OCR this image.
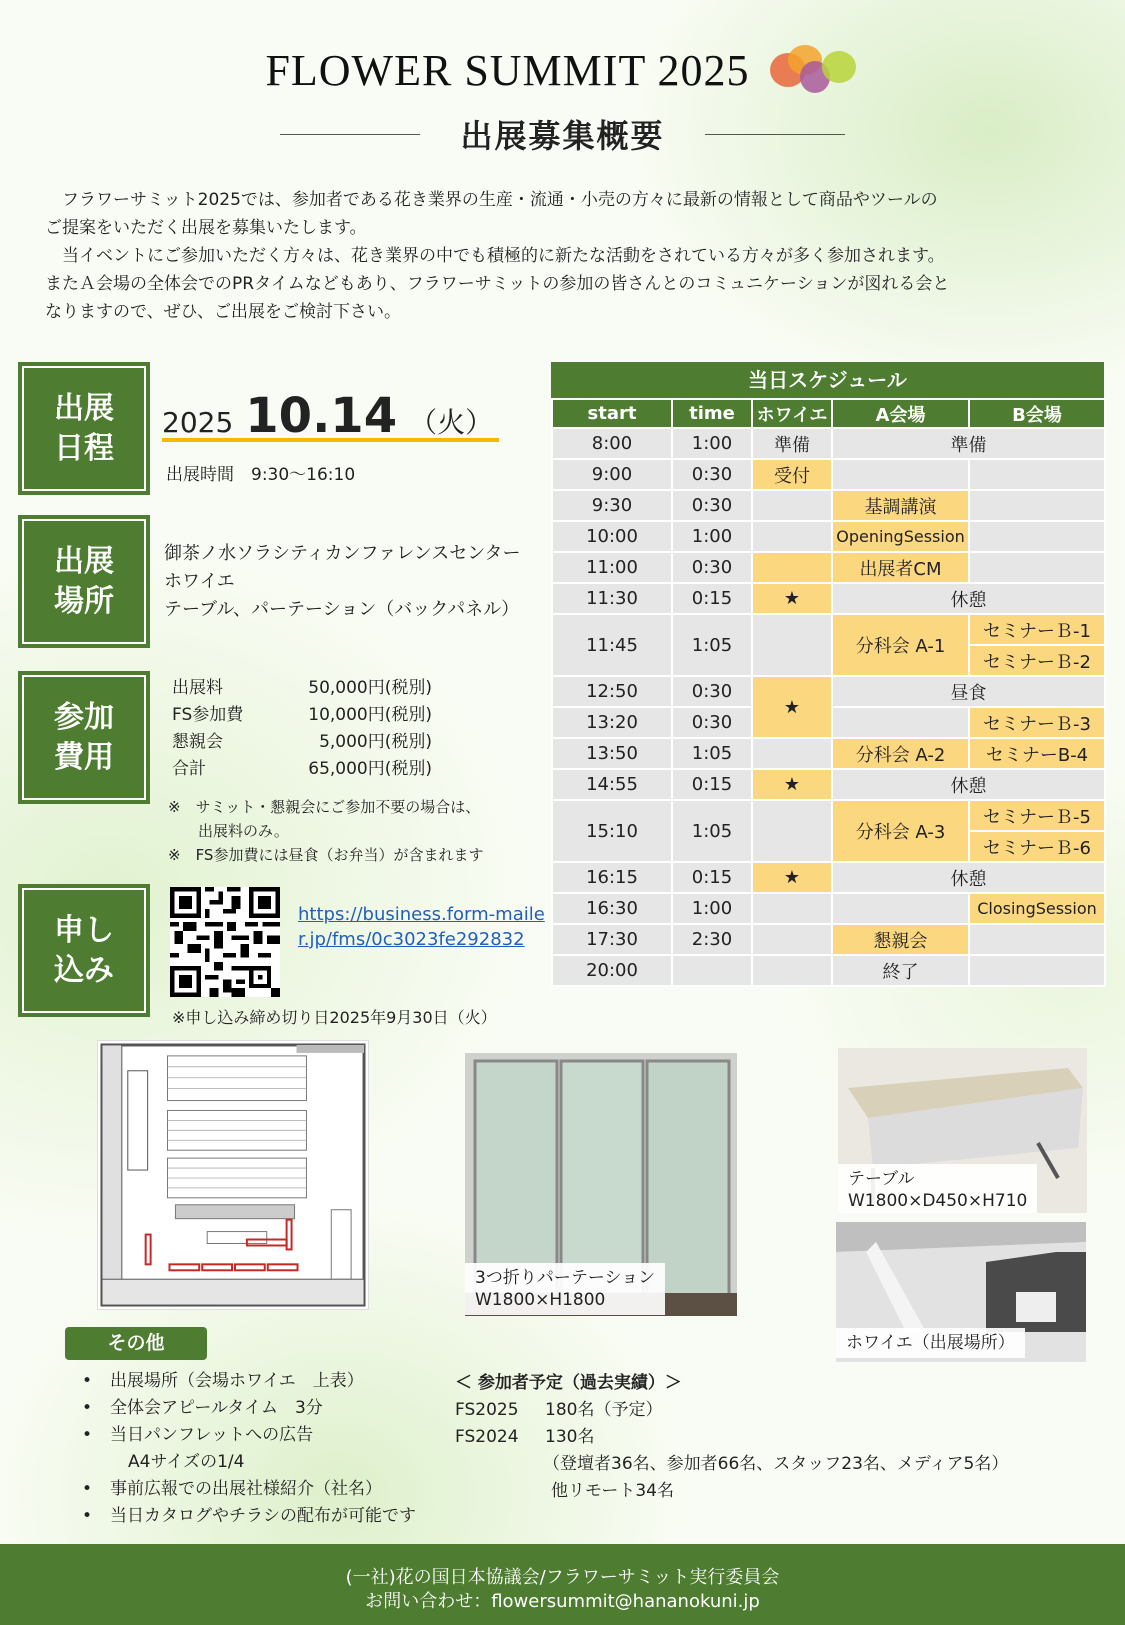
FLOWER SUMMIT 2025
出展募集概要

　フラワーサミット2025では、参加者である花き業界の生産・流通・小売の方々に最新の情報として商品やツールの

ご提案をいただく出展を募集いたします。

　当イベントにご参加いただく方々は、花き業界の中でも積極的に新たな活動をされている方々が多く参加されます。

またＡ会場の全体会でのPRタイムなどもあり、フラワーサミットの参加の皆さんとのコミュニケーションが図れる会と

なりますので、ぜひ、ご出展をご検討下さい。

出展
日程
出展
場所
参加
費用
申し
込み
2025 10.14 （火）
出展時間　9:30～16:10
御茶ノ水ソラシティカンファレンスセンター
ホワイエ
テーブル、パーテーション（バックパネル）
出展料	50,000円(税別)
FS参加費	10,000円(税別)
懇親会	5,000円(税別)
合計	65,000円(税別)
※　サミット・懇親会にご参加不要の場合は、
　　出展料のみ。
※　FS参加費には昼食（お弁当）が含まれます
https://business.form-mailer.jp/fms/0c3023fe292832
※申し込み締め切り日2025年9月30日（火）
当日スケジュール
start	time	ホワイエ	A会場	B会場
8:00	1:00	準備	準備	
9:00	0:30	受付		
9:30	0:30		基調講演	
10:00	1:00		OpeningSession	
11:00	0:30		出展者CM	
11:30	0:15	★	休憩	
11:45	1:05		分科会 A-1	セミナーＢ-1
				セミナーＢ-2
12:50	0:30	★	昼食	
13:20	0:30			セミナーＢ-3
13:50	1:05		分科会 A-2	セミナーB-4
14:55	0:15	★	休憩	
15:10	1:05		分科会 A-3	セミナーＢ-5
				セミナーＢ-6
16:15	0:15	★	休憩	
16:30	1:00			ClosingSession
17:30	2:30		懇親会	
20:00			終了	
3つ折りパーテーション
W1800×H1800
テーブル
W1800×D450×H710
ホワイエ（出展場所）
その他
• 出展場所（会場ホワイエ　上表）
• 全体会アピールタイム　3分
• 当日パンフレットへの広告
A4サイズの1/4
• 事前広報での出展社様紹介（社名）
• 当日カタログやチラシの配布が可能です
＜ 参加者予定（過去実績）＞
FS2025	180名（予定）
FS2024	130名
（登壇者36名、参加者66名、スタッフ23名、メディア5名）
他リモート34名
(一社)花の国日本協議会/フラワーサミット実行委員会
お問い合わせ：flowersummit@hananokuni.jp
